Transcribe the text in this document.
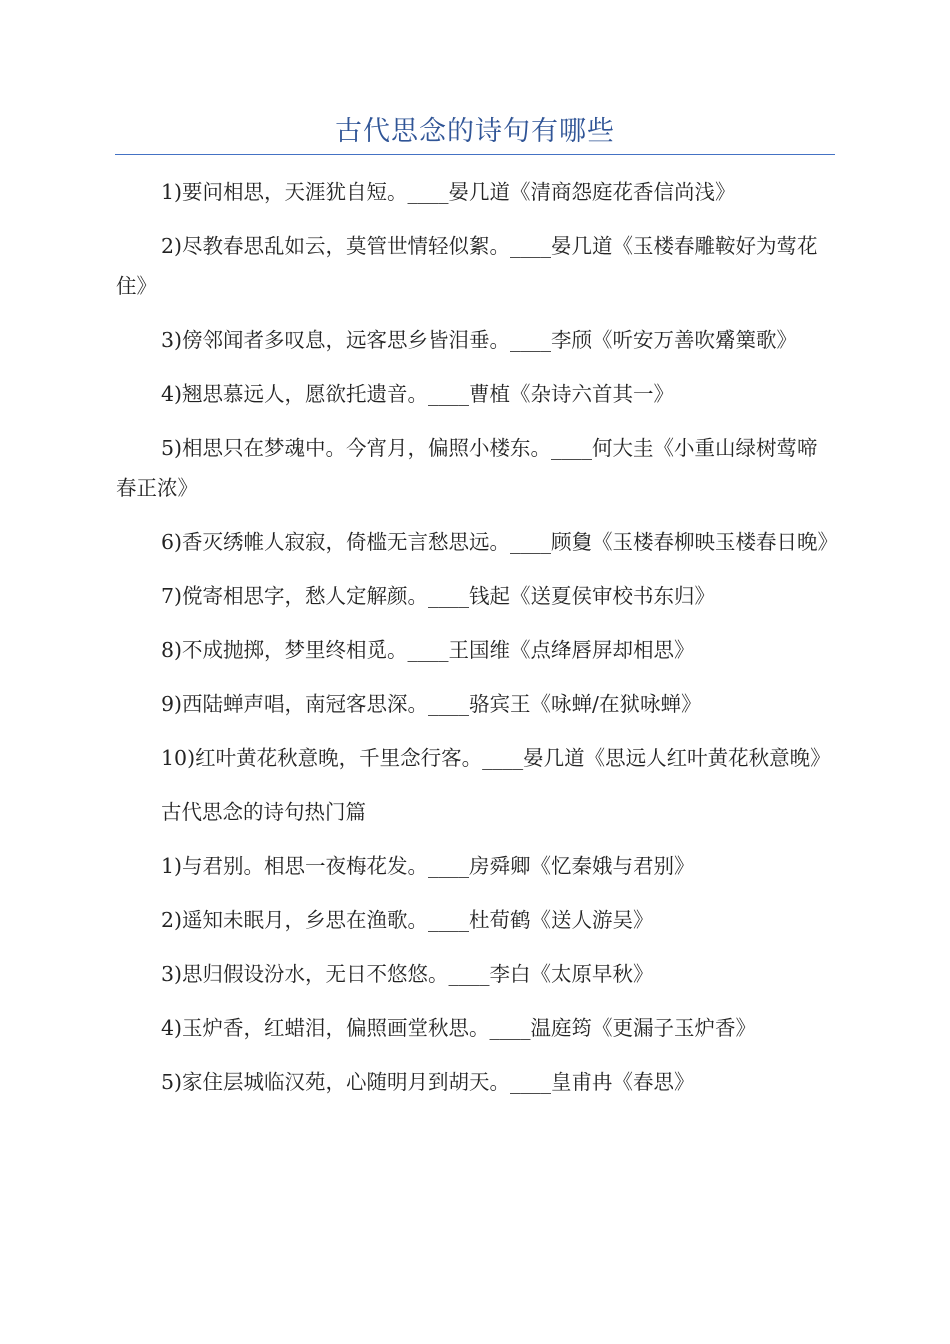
古代思念的诗句有哪些

1)要问相思，天涯犹自短。____晏几道《清商怨庭花香信尚浅》

2)尽教春思乱如云，莫管世情轻似絮。____晏几道《玉楼春雕鞍好为莺花住》

3)傍邻闻者多叹息，远客思乡皆泪垂。____李颀《听安万善吹觱篥歌》

4)翘思慕远人，愿欲托遗音。____曹植《杂诗六首其一》

5)相思只在梦魂中。今宵月，偏照小楼东。____何大圭《小重山绿树莺啼春正浓》

6)香灭绣帷人寂寂，倚槛无言愁思远。____顾敻《玉楼春柳映玉楼春日晚》

7)傥寄相思字，愁人定解颜。____钱起《送夏侯审校书东归》

8)不成抛掷，梦里终相觅。____王国维《点绛唇屏却相思》

9)西陆蝉声唱，南冠客思深。____骆宾王《咏蝉/在狱咏蝉》

10)红叶黄花秋意晚，千里念行客。____晏几道《思远人红叶黄花秋意晚》

古代思念的诗句热门篇

1)与君别。相思一夜梅花发。____房舜卿《忆秦娥与君别》

2)遥知未眠月，乡思在渔歌。____杜荀鹤《送人游吴》

3)思归假设汾水，无日不悠悠。____李白《太原早秋》

4)玉炉香，红蜡泪，偏照画堂秋思。____温庭筠《更漏子玉炉香》

5)家住层城临汉苑，心随明月到胡天。____皇甫冉《春思》
